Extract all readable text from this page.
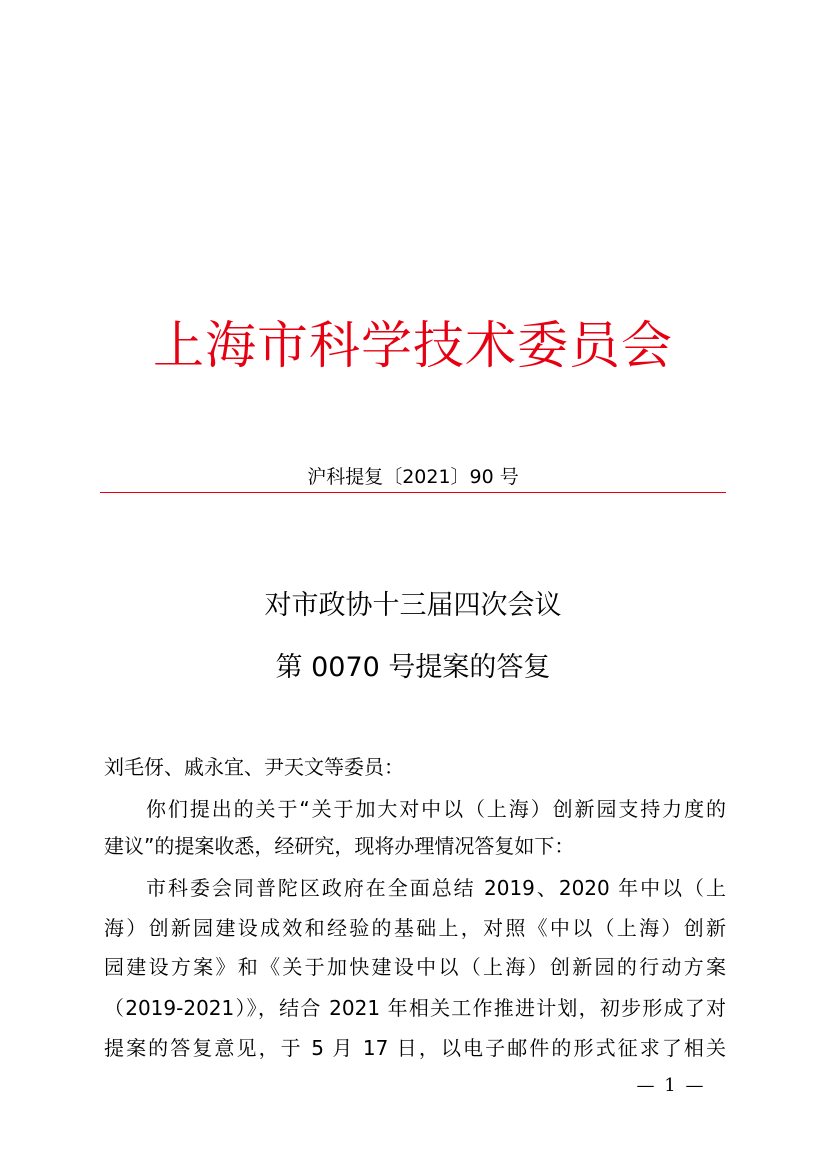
上海市科学技术委员会
沪科提复〔2021〕90 号
对市政协十三届四次会议
第 0070 号提案的答复
刘毛伢、戚永宜、尹天文等委员：
你们提出的关于“关于加大对中以（上海）创新园支持力度的
建议”的提案收悉，经研究，现将办理情况答复如下：
市科委会同普陀区政府在全面总结 2019、2020 年中以（上
海）创新园建设成效和经验的基础上，对照《中以（上海）创新
园建设方案》和《关于加快建设中以（上海）创新园的行动方案
（2019-2021）》，结合 2021 年相关工作推进计划，初步形成了对
提案的答复意见，于 5 月 17 日，以电子邮件的形式征求了相关
— 1 —
